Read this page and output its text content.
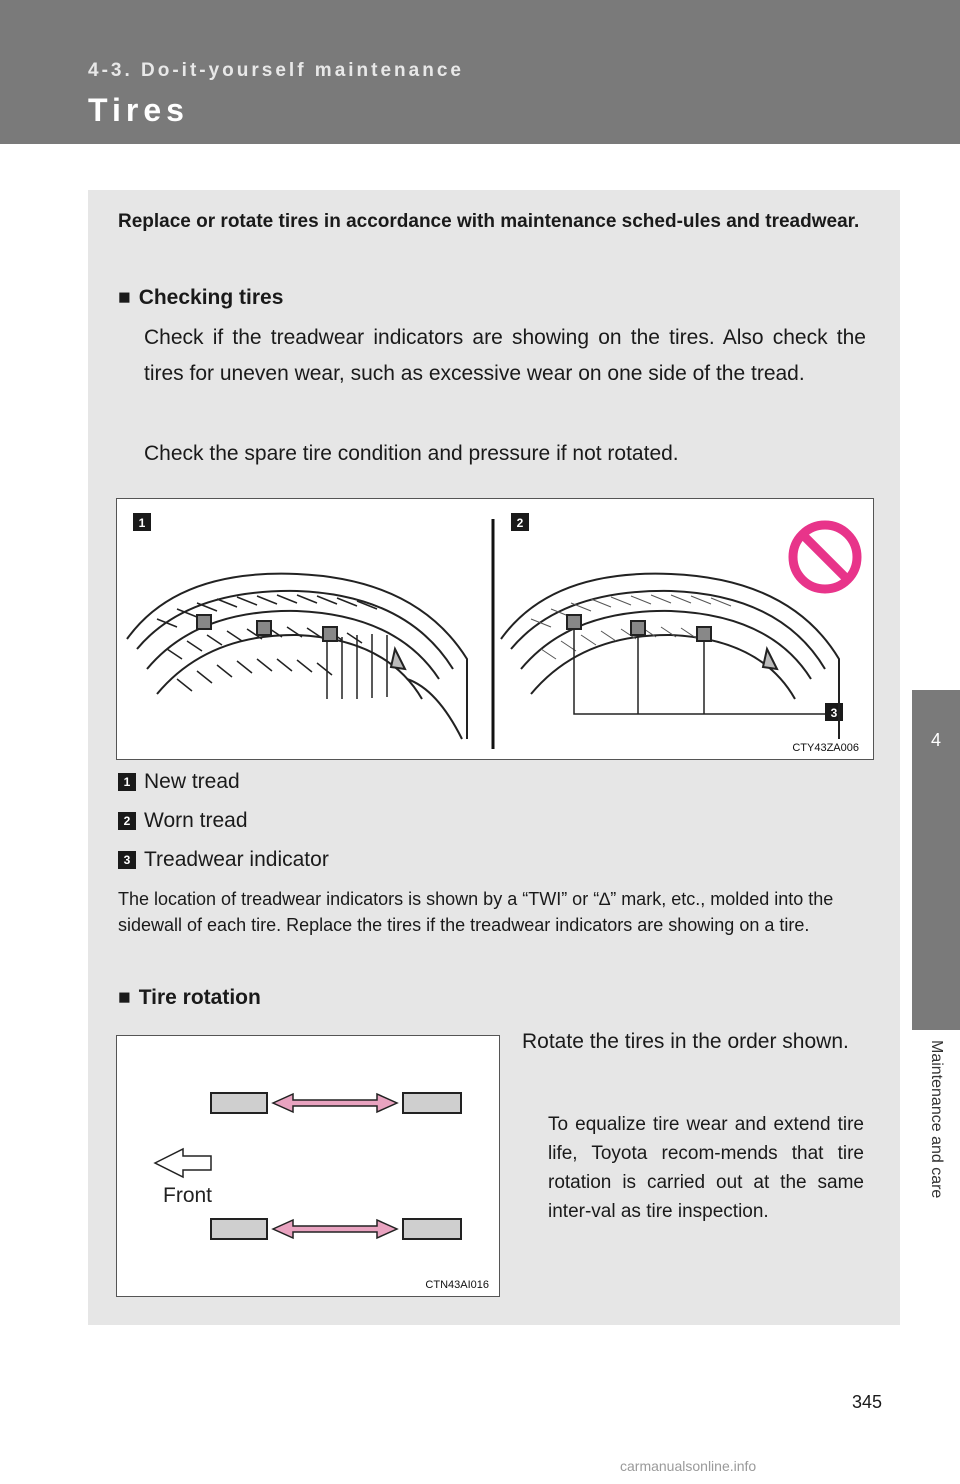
4-3. Do-it-yourself maintenance
Tires
4
Maintenance and care
Replace or rotate tires in accordance with maintenance sched-ules and treadwear.
■ Checking tires
Check if the treadwear indicators are showing on the tires. Also check the tires for uneven wear, such as excessive wear on one side of the tread.
Check the spare tire condition and pressure if not rotated.
1	2
3
CTY43ZA006
1 New tread
2 Worn tread
3 Treadwear indicator
The location of treadwear indicators is shown by a “TWI” or “∆” mark, etc., molded into the sidewall of each tire. Replace the tires if the treadwear indicators are showing on a tire.
■ Tire rotation
Front
CTN43AI016
Rotate the tires in the order shown.
To equalize tire wear and extend tire life, Toyota recom-mends that tire rotation is carried out at the same inter-val as tire inspection.
345
carmanualsonline.info
